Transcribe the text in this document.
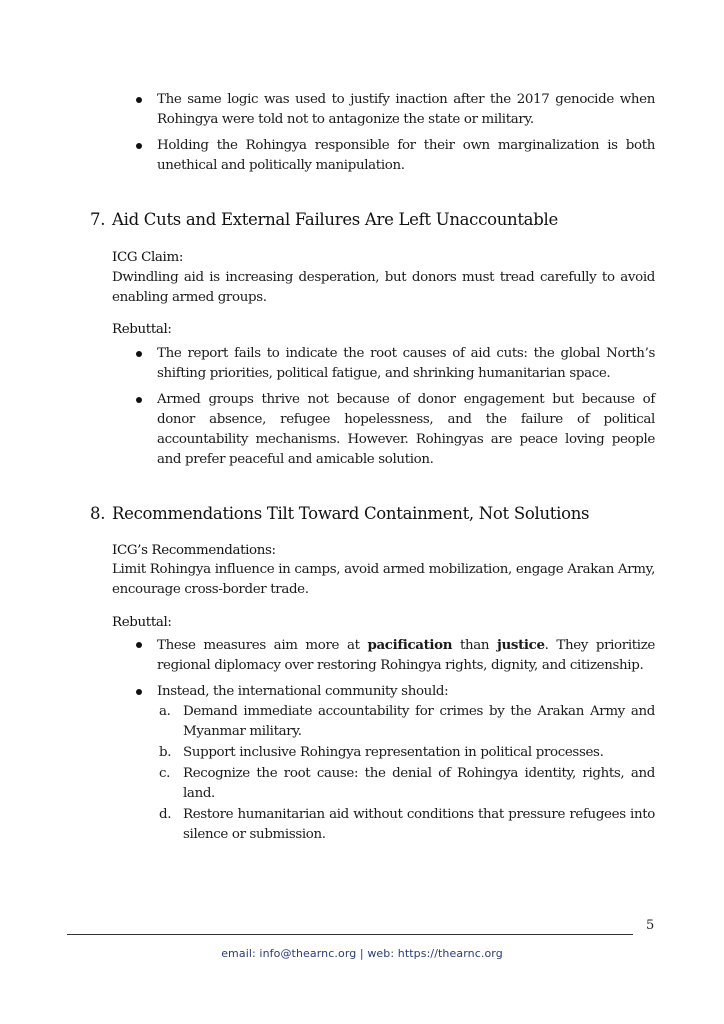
The same logic was used to justify inaction after the 2017 genocide when Rohingya were told not to antagonize the state or military.
Holding the Rohingya responsible for their own marginalization is both unethical and politically manipulation.
7. Aid Cuts and External Failures Are Left Unaccountable
ICG Claim:
Dwindling aid is increasing desperation, but donors must tread carefully to avoid enabling armed groups.
Rebuttal:
The report fails to indicate the root causes of aid cuts: the global North’s shifting priorities, political fatigue, and shrinking humanitarian space.
Armed groups thrive not because of donor engagement but because of donor absence, refugee hopelessness, and the failure of political accountability mechanisms. However. Rohingyas are peace loving people and prefer peaceful and amicable solution.
8. Recommendations Tilt Toward Containment, Not Solutions
ICG’s Recommendations:
Limit Rohingya influence in camps, avoid armed mobilization, engage Arakan Army, encourage cross-border trade.
Rebuttal:
These measures aim more at pacification than justice. They prioritize regional diplomacy over restoring Rohingya rights, dignity, and citizenship.
Instead, the international community should:
a. Demand immediate accountability for crimes by the Arakan Army and Myanmar military.
b. Support inclusive Rohingya representation in political processes.
c. Recognize the root cause: the denial of Rohingya identity, rights, and land.
d. Restore humanitarian aid without conditions that pressure refugees into silence or submission.
5
email: info@thearnc.org | web: https://thearnc.org
